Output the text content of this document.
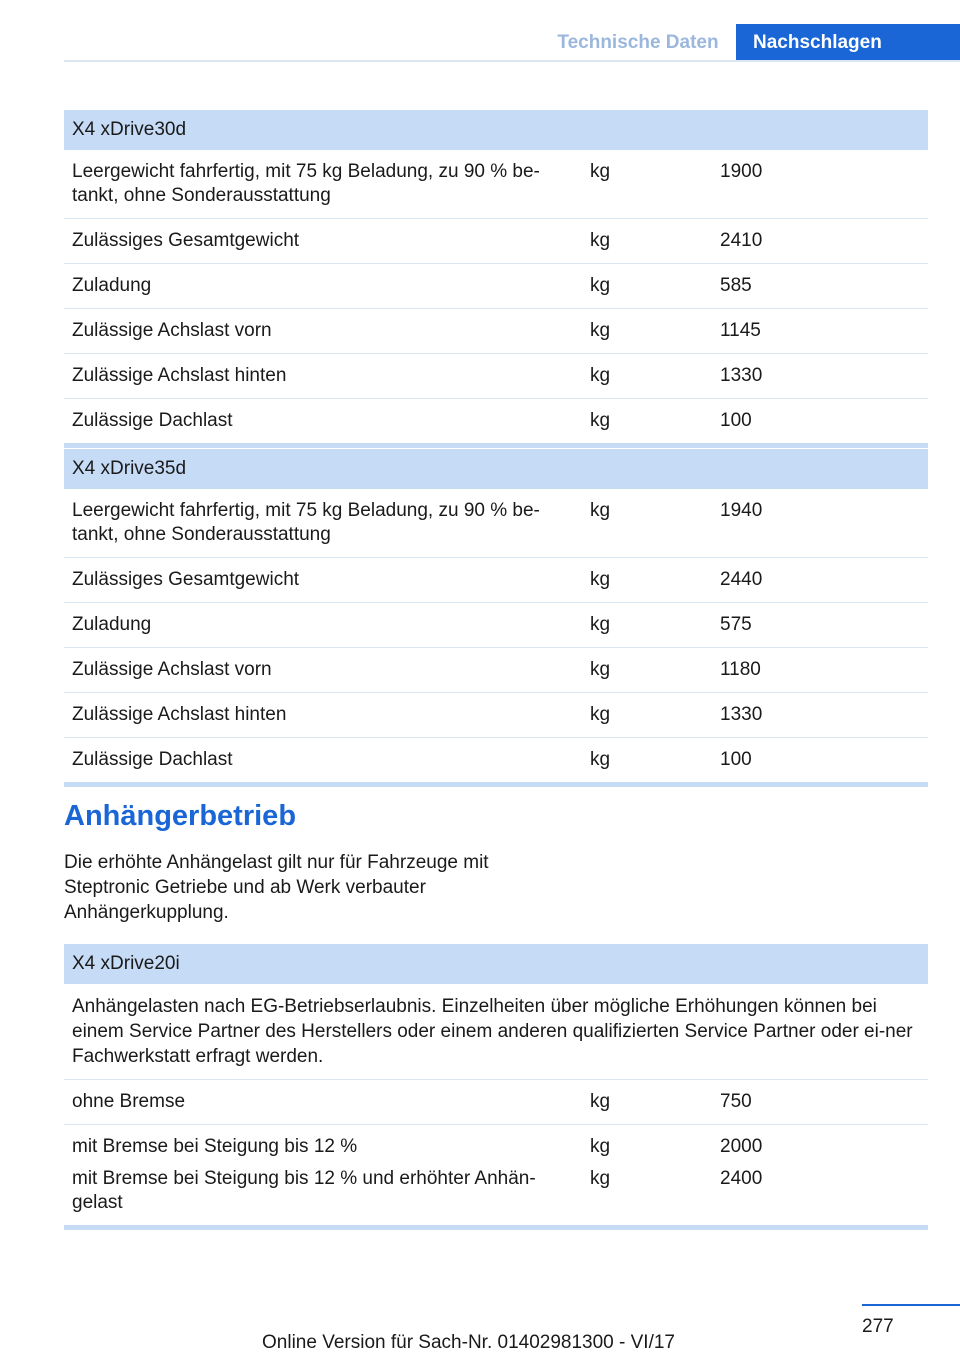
Technische Daten	Nachschlagen
X4 xDrive30d		
Leergewicht fahrfertig, mit 75 kg Beladung, zu 90 % be-tankt, ohne Sonderausstattung	kg	1900
Zulässiges Gesamtgewicht	kg	2410
Zuladung	kg	585
Zulässige Achslast vorn	kg	1145
Zulässige Achslast hinten	kg	1330
Zulässige Dachlast	kg	100
X4 xDrive35d		
Leergewicht fahrfertig, mit 75 kg Beladung, zu 90 % be-tankt, ohne Sonderausstattung	kg	1940
Zulässiges Gesamtgewicht	kg	2440
Zuladung	kg	575
Zulässige Achslast vorn	kg	1180
Zulässige Achslast hinten	kg	1330
Zulässige Dachlast	kg	100
Anhängerbetrieb

Die erhöhte Anhängelast gilt nur für Fahrzeuge mit Steptronic Getriebe und ab Werk verbauter Anhängerkupplung.

X4 xDrive20i		
Anhängelasten nach EG-Betriebserlaubnis. Einzelheiten über mögliche Erhöhungen können bei einem Service Partner des Herstellers oder einem anderen qualifizierten Service Partner oder ei-ner Fachwerkstatt erfragt werden.		
ohne Bremse	kg	750
mit Bremse bei Steigung bis 12 %	kg	2000
mit Bremse bei Steigung bis 12 % und erhöhter Anhän-gelast	kg	2400
277
Online Version für Sach-Nr. 01402981300 - VI/17
